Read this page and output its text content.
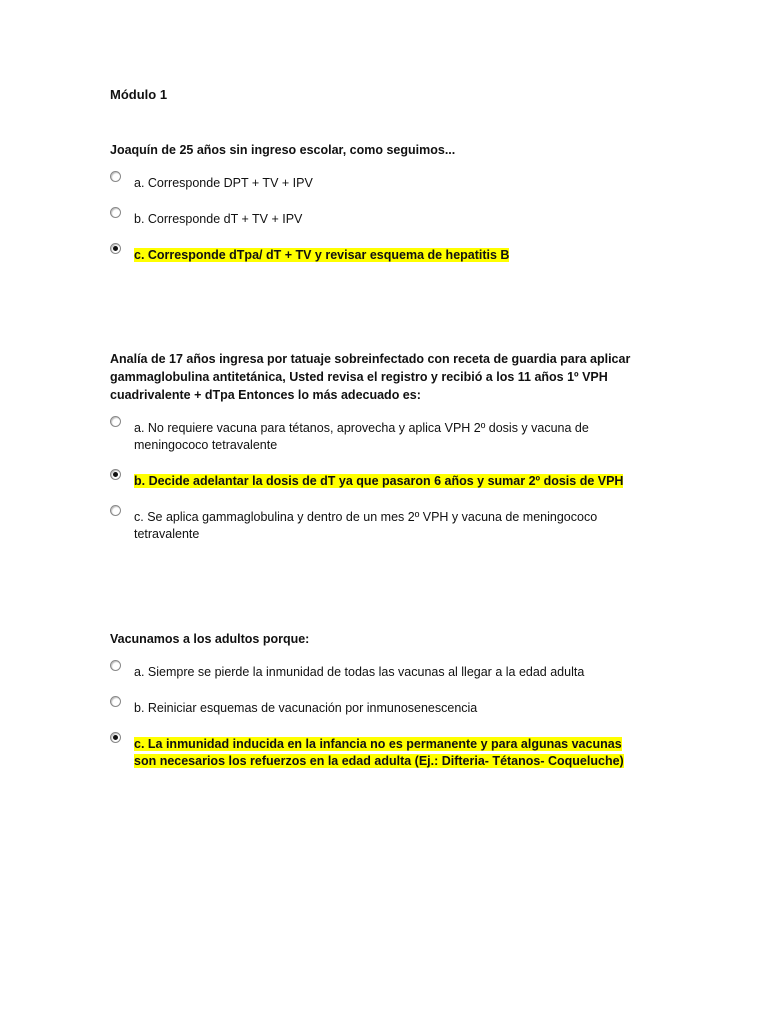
Módulo 1
Joaquín de 25 años sin ingreso escolar, como seguimos...
a. Corresponde DPT + TV + IPV
b. Corresponde dT + TV + IPV
c. Corresponde dTpa/ dT + TV y revisar esquema de hepatitis B
Analía de 17 años ingresa por tatuaje sobreinfectado con receta de guardia para aplicar gammaglobulina antitetánica, Usted revisa el registro y recibió a los 11 años 1º VPH cuadrivalente + dTpa Entonces lo más adecuado es:
a. No requiere vacuna para tétanos, aprovecha y aplica VPH 2º dosis y vacuna de meningococo tetravalente
b. Decide adelantar la dosis de dT ya que pasaron 6 años y sumar 2º dosis de VPH
c. Se aplica gammaglobulina y dentro de un mes 2º VPH y vacuna de meningococo tetravalente
Vacunamos a los adultos porque:
a. Siempre se pierde la inmunidad de todas las vacunas al llegar a la edad adulta
b. Reiniciar esquemas de vacunación por inmunosenescencia
c. La inmunidad inducida en la infancia no es permanente y para algunas vacunas son necesarios los refuerzos en la edad adulta (Ej.: Difteria- Tétanos- Coqueluche)
